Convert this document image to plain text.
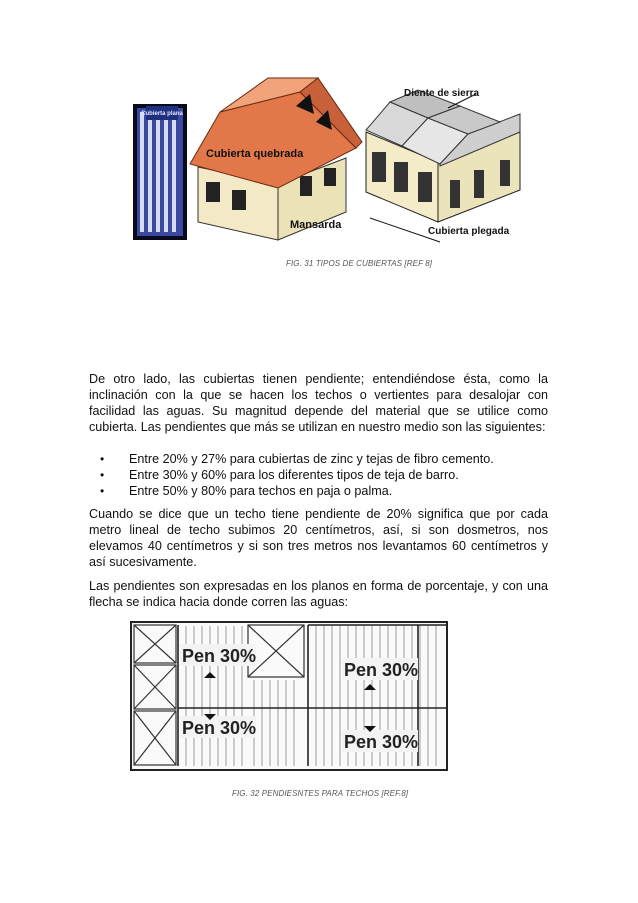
Cubierta plana
Cubierta quebrada
Mansarda
Diente de sierra
Cubierta plegada
FIG. 31 TIPOS DE CUBIERTAS [REF 8]

De otro lado, las cubiertas tienen pendiente; entendiéndose ésta, como la inclinación con la que se hacen los techos o vertientes para desalojar con facilidad las aguas. Su magnitud depende del material que se utilice como cubierta. Las pendientes que más se utilizan en nuestro medio son las siguientes:

• Entre 20% y 27% para cubiertas de zinc y tejas de fibro cemento.
• Entre 30% y 60% para los diferentes tipos de teja de barro.
• Entre 50% y 80% para techos en paja o palma.

Cuando se dice que un techo tiene pendiente de 20% significa que por cada metro lineal de techo subimos 20 centímetros, así, si son dosmetros, nos elevamos 40 centímetros y si son tres metros nos levantamos 60 centímetros y así sucesivamente.

Las pendientes son expresadas en los planos en forma de porcentaje, y con una flecha se indica hacia donde corren las aguas:

Pen 30%
Pen 30%
Pen 30%
Pen 30%
FIG. 32 PENDIESNTES PARA TECHOS [REF.8]
